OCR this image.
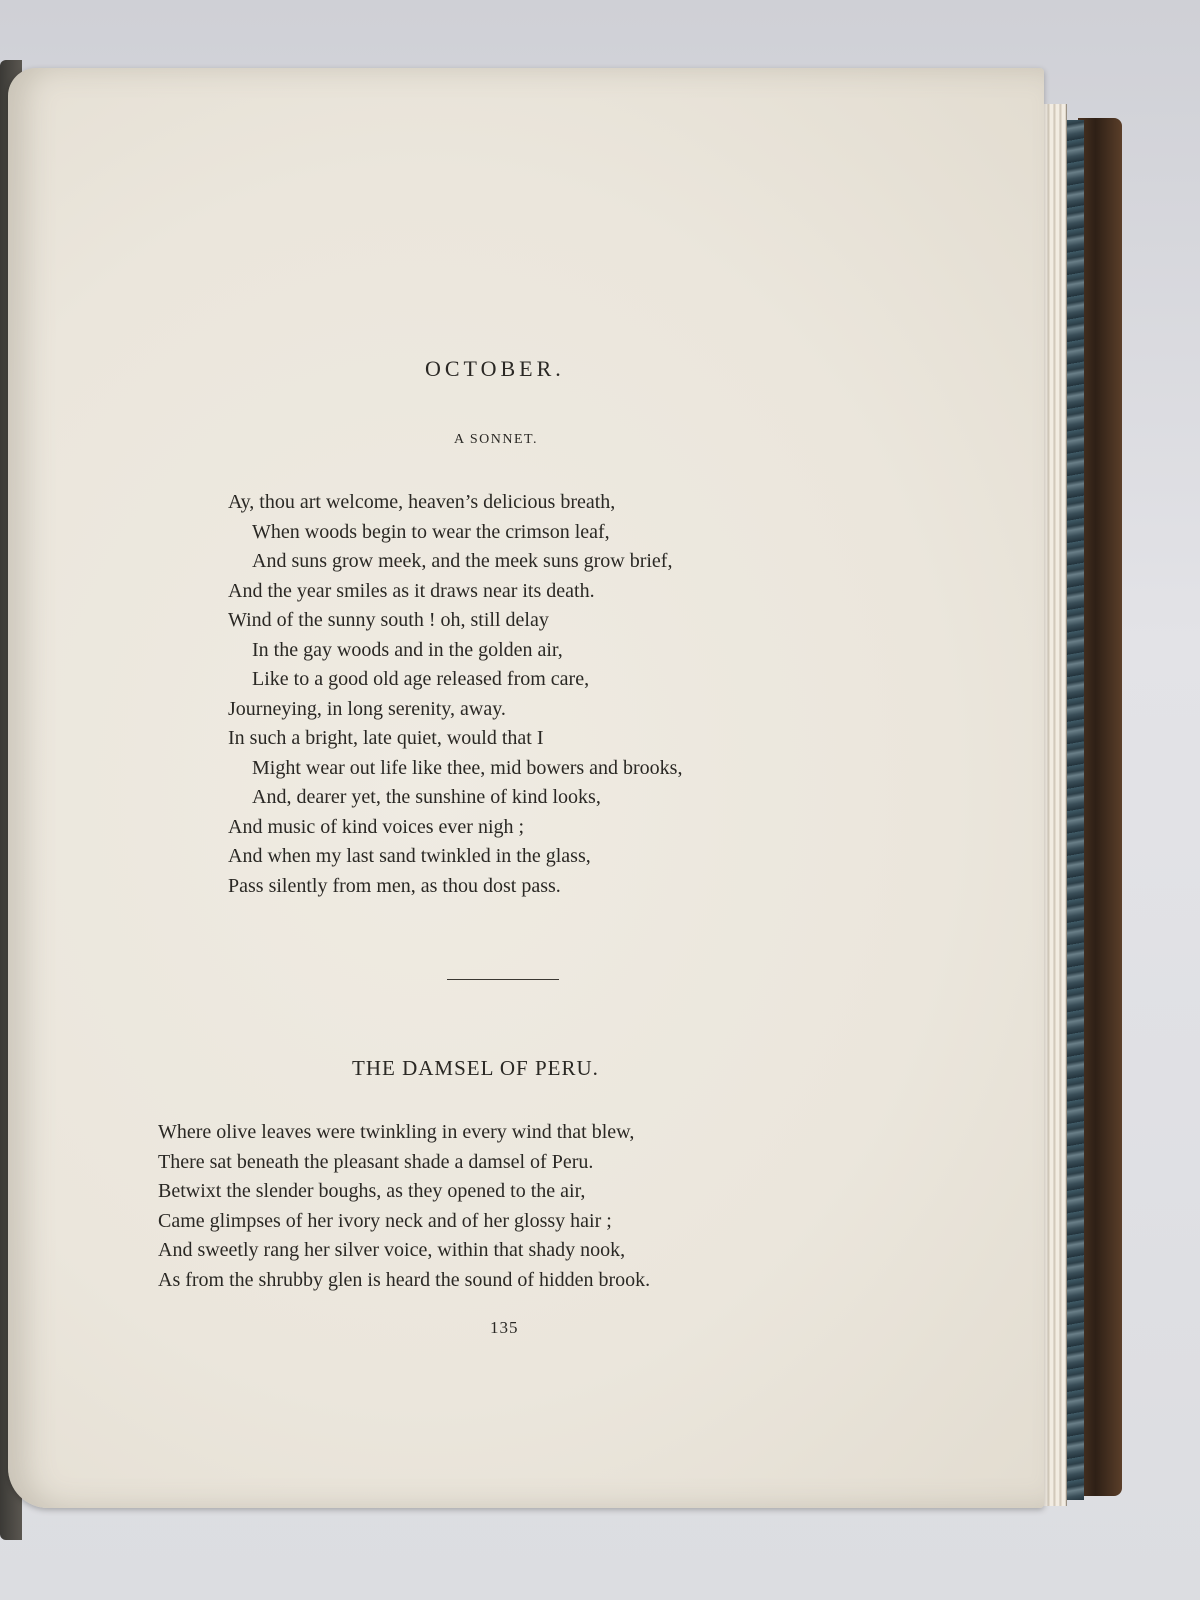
OCTOBER.
A SONNET.
Ay, thou art welcome, heaven’s delicious breath,
When woods begin to wear the crimson leaf,
And suns grow meek, and the meek suns grow brief,
And the year smiles as it draws near its death.
Wind of the sunny south ! oh, still delay
In the gay woods and in the golden air,
Like to a good old age released from care,
Journeying, in long serenity, away.
In such a bright, late quiet, would that I
Might wear out life like thee, mid bowers and brooks,
And, dearer yet, the sunshine of kind looks,
And music of kind voices ever nigh ;
And when my last sand twinkled in the glass,
Pass silently from men, as thou dost pass.
THE DAMSEL OF PERU.
Where olive leaves were twinkling in every wind that blew,
There sat beneath the pleasant shade a damsel of Peru.
Betwixt the slender boughs, as they opened to the air,
Came glimpses of her ivory neck and of her glossy hair ;
And sweetly rang her silver voice, within that shady nook,
As from the shrubby glen is heard the sound of hidden brook.
135
